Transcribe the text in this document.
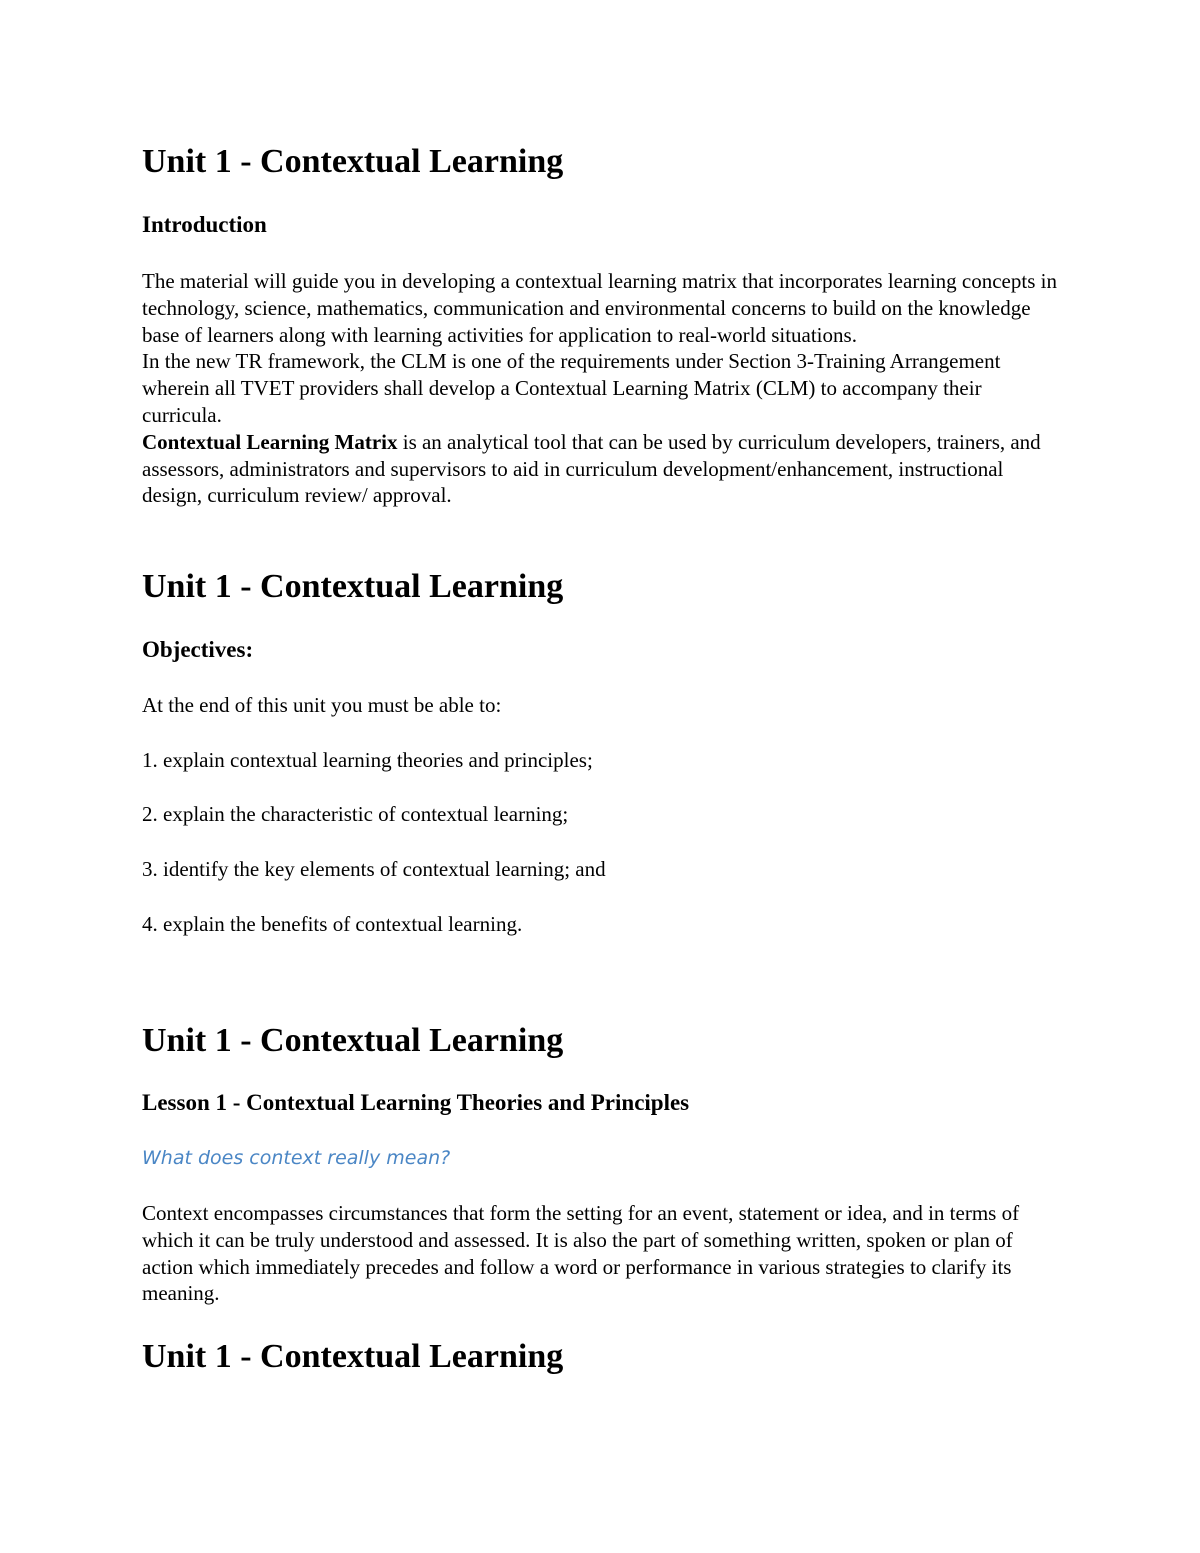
Unit 1 - Contextual Learning
Introduction
The material will guide you in developing a contextual learning matrix that incorporates learning concepts in technology, science, mathematics, communication and environmental concerns to build on the knowledge base of learners along with learning activities for application to real-world situations.
In the new TR framework, the CLM is one of the requirements under Section 3-Training Arrangement wherein all TVET providers shall develop a Contextual Learning Matrix (CLM) to accompany their curricula.
Contextual Learning Matrix is an analytical tool that can be used by curriculum developers, trainers, and assessors, administrators and supervisors to aid in curriculum development/enhancement, instructional design, curriculum review/ approval.
Unit 1 - Contextual Learning
Objectives:

At the end of this unit you must be able to:

1. explain contextual learning theories and principles;

2. explain the characteristic of contextual learning;

3. identify the key elements of contextual learning; and

4. explain the benefits of contextual learning.

Unit 1 - Contextual Learning
Lesson 1 - Contextual Learning Theories and Principles

What does context really mean?

Context encompasses circumstances that form the setting for an event, statement or idea, and in terms of which it can be truly understood and assessed. It is also the part of something written, spoken or plan of action which immediately precedes and follow a word or performance in various strategies to clarify its meaning.

Unit 1 - Contextual Learning
